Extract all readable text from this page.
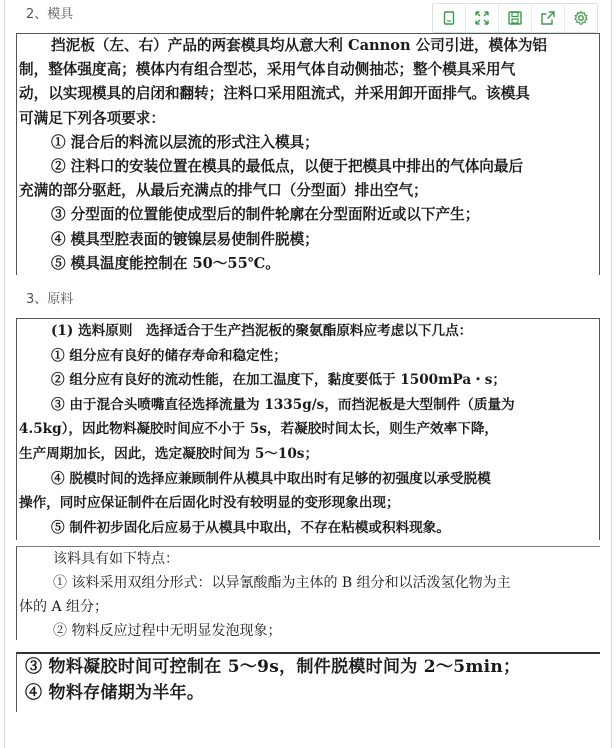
2、模具

挡泥板（左、右）产品的两套模具均从意大利 Cannon 公司引进，模体为铝

制，整体强度高；模体内有组合型芯，采用气体自动侧抽芯；整个模具采用气

动，以实现模具的启闭和翻转；注料口采用阻流式，并采用卸开面排气。该模具

可满足下列各项要求：

① 混合后的料流以层流的形式注入模具；

② 注料口的安装位置在模具的最低点，以便于把模具中排出的气体向最后

充满的部分驱赶，从最后充满点的排气口（分型面）排出空气；

③ 分型面的位置能使成型后的制件轮廓在分型面附近或以下产生；

④ 模具型腔表面的镀镍层易使制件脱模；

⑤ 模具温度能控制在 50～55℃。

3、原料

(1) 选料原则　选择适合于生产挡泥板的聚氨酯原料应考虑以下几点：

① 组分应有良好的储存寿命和稳定性；

② 组分应有良好的流动性能，在加工温度下，黏度要低于 1500mPa・s；

③ 由于混合头喷嘴直径选择流量为 1335g/s，而挡泥板是大型制件（质量为

4.5kg），因此物料凝胶时间应不小于 5s，若凝胶时间太长，则生产效率下降，

生产周期加长，因此，选定凝胶时间为 5～10s；

④ 脱模时间的选择应兼顾制件从模具中取出时有足够的初强度以承受脱模

操作，同时应保证制件在后固化时没有较明显的变形现象出现；

⑤ 制件初步固化后应易于从模具中取出，不存在粘模或积料现象。

该料具有如下特点：

① 该料采用双组分形式：以异氰酸酯为主体的 B 组分和以活泼氢化物为主

体的 A 组分；

② 物料反应过程中无明显发泡现象；

③ 物料凝胶时间可控制在 5～9s，制件脱模时间为 2～5min；

④ 物料存储期为半年。
